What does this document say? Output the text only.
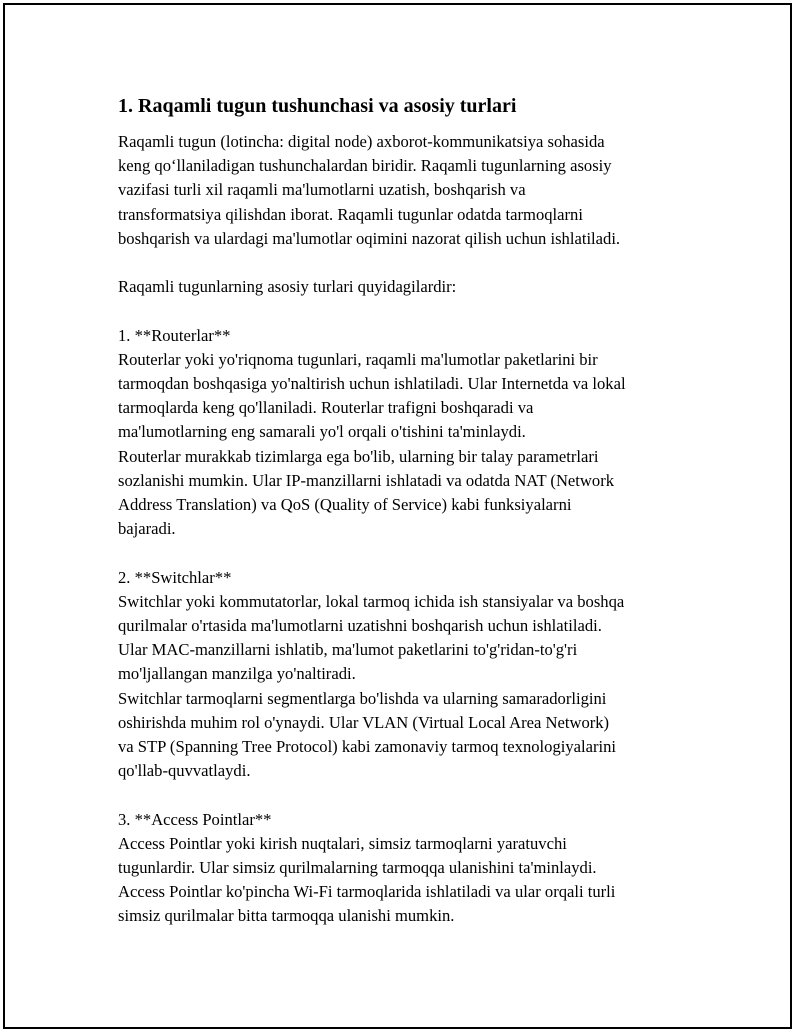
1. Raqamli tugun tushunchasi va asosiy turlari

Raqamli tugun (lotincha: digital node) axborot-kommunikatsiya sohasida
keng qo‘llaniladigan tushunchalardan biridir. Raqamli tugunlarning asosiy
vazifasi turli xil raqamli ma'lumotlarni uzatish, boshqarish va
transformatsiya qilishdan iborat. Raqamli tugunlar odatda tarmoqlarni
boshqarish va ulardagi ma'lumotlar oqimini nazorat qilish uchun ishlatiladi.

Raqamli tugunlarning asosiy turlari quyidagilardir:

1. **Routerlar**
Routerlar yoki yo'riqnoma tugunlari, raqamli ma'lumotlar paketlarini bir
tarmoqdan boshqasiga yo'naltirish uchun ishlatiladi. Ular Internetda va lokal
tarmoqlarda keng qo'llaniladi. Routerlar trafigni boshqaradi va
ma'lumotlarning eng samarali yo'l orqali o'tishini ta'minlaydi.
Routerlar murakkab tizimlarga ega bo'lib, ularning bir talay parametrlari
sozlanishi mumkin. Ular IP-manzillarni ishlatadi va odatda NAT (Network
Address Translation) va QoS (Quality of Service) kabi funksiyalarni
bajaradi.

2. **Switchlar**
Switchlar yoki kommutatorlar, lokal tarmoq ichida ish stansiyalar va boshqa
qurilmalar o'rtasida ma'lumotlarni uzatishni boshqarish uchun ishlatiladi.
Ular MAC-manzillarni ishlatib, ma'lumot paketlarini to'g'ridan-to'g'ri
mo'ljallangan manzilga yo'naltiradi.
Switchlar tarmoqlarni segmentlarga bo'lishda va ularning samaradorligini
oshirishda muhim rol o'ynaydi. Ular VLAN (Virtual Local Area Network)
va STP (Spanning Tree Protocol) kabi zamonaviy tarmoq texnologiyalarini
qo'llab-quvvatlaydi.

3. **Access Pointlar**
Access Pointlar yoki kirish nuqtalari, simsiz tarmoqlarni yaratuvchi
tugunlardir. Ular simsiz qurilmalarning tarmoqqa ulanishini ta'minlaydi.
Access Pointlar ko'pincha Wi-Fi tarmoqlarida ishlatiladi va ular orqali turli
simsiz qurilmalar bitta tarmoqqa ulanishi mumkin.
